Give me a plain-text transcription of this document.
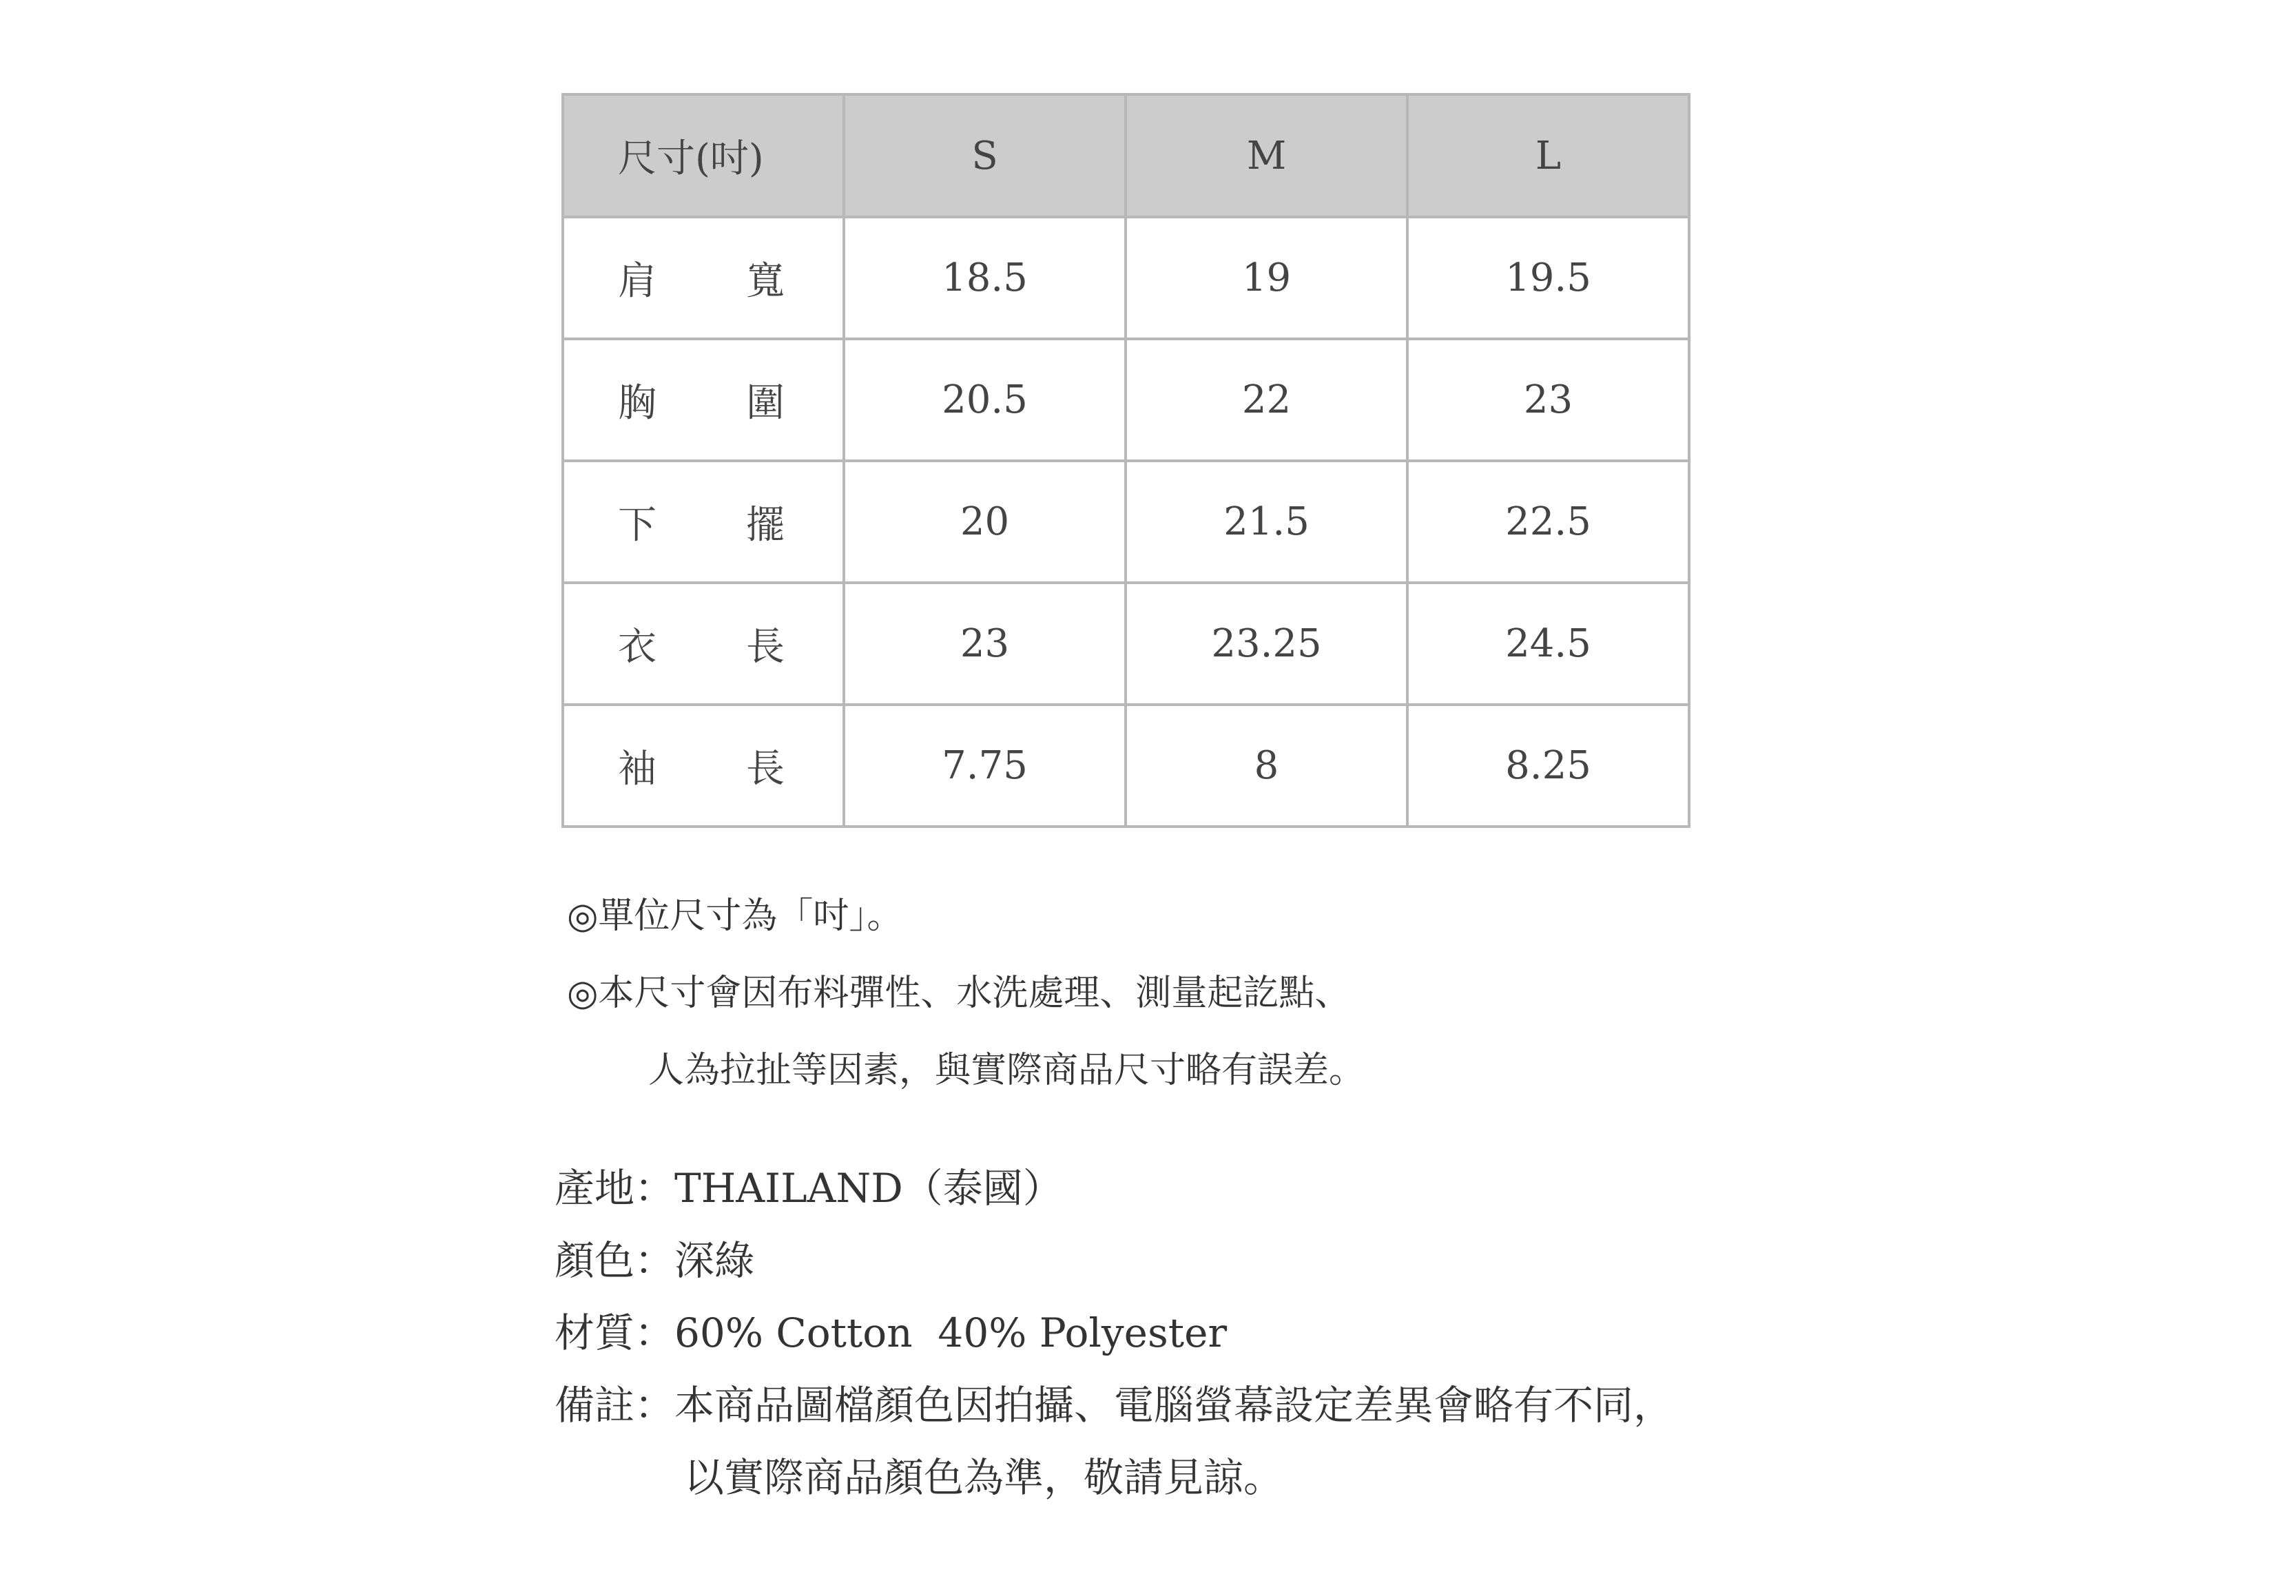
尺寸(吋)	S	M	L
肩 寬	18.5	19	19.5
胸 圍	20.5	22	23
下 擺	20	21.5	22.5
衣 長	23	23.25	24.5
袖 長	7.75	8	8.25
◎單位尺寸為「吋」。
◎本尺寸會因布料彈性、水洗處理、測量起訖點、
人為拉扯等因素，與實際商品尺寸略有誤差。
產地：THAILAND（泰國）
顏色：深綠
材質：60% Cotton  40% Polyester
備註：本商品圖檔顏色因拍攝、電腦螢幕設定差異會略有不同，
以實際商品顏色為準，敬請見諒。
